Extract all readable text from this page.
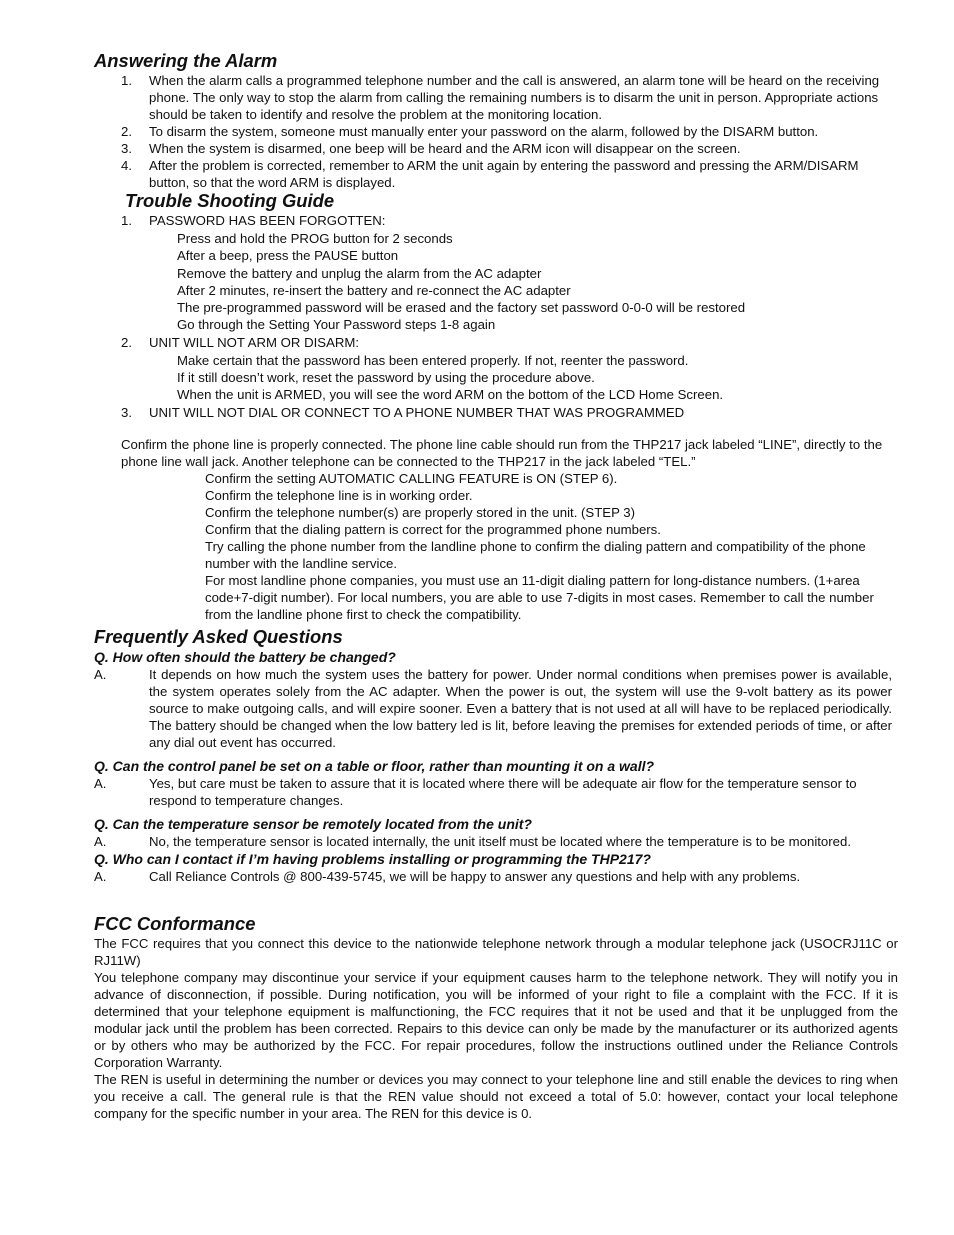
Answering the Alarm
1. When the alarm calls a programmed telephone number and the call is answered, an alarm tone will be heard on the receiving phone. The only way to stop the alarm from calling the remaining numbers is to disarm the unit in person. Appropriate actions should be taken to identify and resolve the problem at the monitoring location.
2. To disarm the system, someone must manually enter your password on the alarm, followed by the DISARM button.
3. When the system is disarmed, one beep will be heard and the ARM icon will disappear on the screen.
4. After the problem is corrected, remember to ARM the unit again by entering the password and pressing the ARM/DISARM button, so that the word ARM is displayed.
Trouble Shooting Guide
1. PASSWORD HAS BEEN FORGOTTEN:
Press and hold the PROG button for 2 seconds
After a beep, press the PAUSE button
Remove the battery and unplug the alarm from the AC adapter
After 2 minutes, re-insert the battery and re-connect the AC adapter
The pre-programmed password will be erased and the factory set password 0-0-0 will be restored
Go through the Setting Your Password steps 1-8 again
2. UNIT WILL NOT ARM OR DISARM:
Make certain that the password has been entered properly. If not, reenter the password.
If it still doesn’t work, reset the password by using the procedure above.
When the unit is ARMED, you will see the word ARM on the bottom of the LCD Home Screen.
3. UNIT WILL NOT DIAL OR CONNECT TO A PHONE NUMBER THAT WAS PROGRAMMED
Confirm the phone line is properly connected. The phone line cable should run from the THP217 jack labeled “LINE”, directly to the phone line wall jack. Another telephone can be connected to the THP217 in the jack labeled “TEL.”
Confirm the setting AUTOMATIC CALLING FEATURE is ON (STEP 6).
Confirm the telephone line is in working order.
Confirm the telephone number(s) are properly stored in the unit. (STEP 3)
Confirm that the dialing pattern is correct for the programmed phone numbers.
Try calling the phone number from the landline phone to confirm the dialing pattern and compatibility of the phone number with the landline service.
For most landline phone companies, you must use an 11-digit dialing pattern for long-distance numbers. (1+area code+7-digit number). For local numbers, you are able to use 7-digits in most cases. Remember to call the number from the landline phone first to check the compatibility.
Frequently Asked Questions
Q. How often should the battery be changed?
A.	It depends on how much the system uses the battery for power. Under normal conditions when premises power is available, the system operates solely from the AC adapter. When the power is out, the system will use the 9-volt battery as its power source to make outgoing calls, and will expire sooner. Even a battery that is not used at all will have to be replaced periodically. The battery should be changed when the low battery led is lit, before leaving the premises for extended periods of time, or after any dial out event has occurred.
Q. Can the control panel be set on a table or floor, rather than mounting it on a wall?
A.	Yes, but care must be taken to assure that it is located where there will be adequate air flow for the temperature sensor to respond to temperature changes.
Q. Can the temperature sensor be remotely located from the unit?
A.	No, the temperature sensor is located internally, the unit itself must be located where the temperature is to be monitored.
Q. Who can I contact if I’m having problems installing or programming the THP217?
A.	Call Reliance Controls @ 800-439-5745, we will be happy to answer any questions and help with any problems.
FCC Conformance
The FCC requires that you connect this device to the nationwide telephone network through a modular telephone jack (USOCRJ11C or RJ11W)
You telephone company may discontinue your service if your equipment causes harm to the telephone network. They will notify you in advance of disconnection, if possible. During notification, you will be informed of your right to file a complaint with the FCC. If it is determined that your telephone equipment is malfunctioning, the FCC requires that it not be used and that it be unplugged from the modular jack until the problem has been corrected. Repairs to this device can only be made by the manufacturer or its authorized agents or by others who may be authorized by the FCC. For repair procedures, follow the instructions outlined under the Reliance Controls Corporation Warranty.
The REN is useful in determining the number or devices you may connect to your telephone line and still enable the devices to ring when you receive a call. The general rule is that the REN value should not exceed a total of 5.0: however, contact your local telephone company for the specific number in your area. The REN for this device is 0.
